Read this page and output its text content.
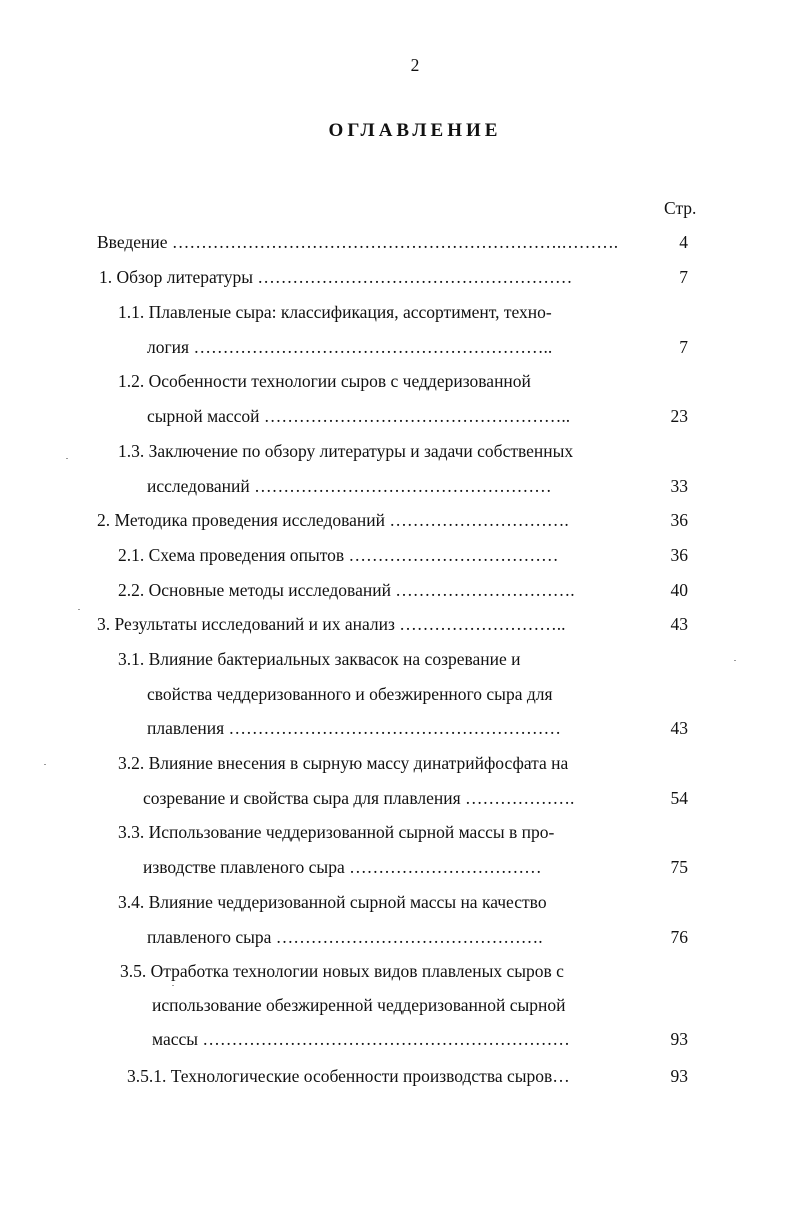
2
ОГЛАВЛЕНИЕ
Стр.
Введение ………………………………………………………….……….	4
1. Обзор литературы ………………………………………………	7
1.1. Плавленые сыра: классификация, ассортимент, техно-
логия ……………………………………………………..	7
1.2. Особенности технологии сыров с чеддеризованной
сырной массой ……………………………………………..	23
1.3. Заключение по обзору литературы и задачи собственных
исследований ……………………………………………	33
2. Методика проведения исследований ………………………….	36
2.1. Схема проведения опытов ………………………………	36
2.2. Основные методы исследований ………………………….	40
3. Результаты исследований и их анализ ………………………..	43
3.1. Влияние бактериальных заквасок на созревание и
свойства чеддеризованного и обезжиренного сыра для
плавления …………………………………………………	43
3.2. Влияние внесения в сырную массу динатрийфосфата на
созревание и свойства сыра для плавления ……………….	54
3.3. Использование чеддеризованной сырной массы в про-
изводстве плавленого сыра ……………………………	75
3.4. Влияние чеддеризованной сырной массы на качество
плавленого сыра ……………………………………….	76
3.5. Отработка технологии новых видов плавленых сыров с
использование обезжиренной чеддеризованной сырной
массы ………………………………………………………	93
3.5.1. Технологические особенности производства сыров…	93
